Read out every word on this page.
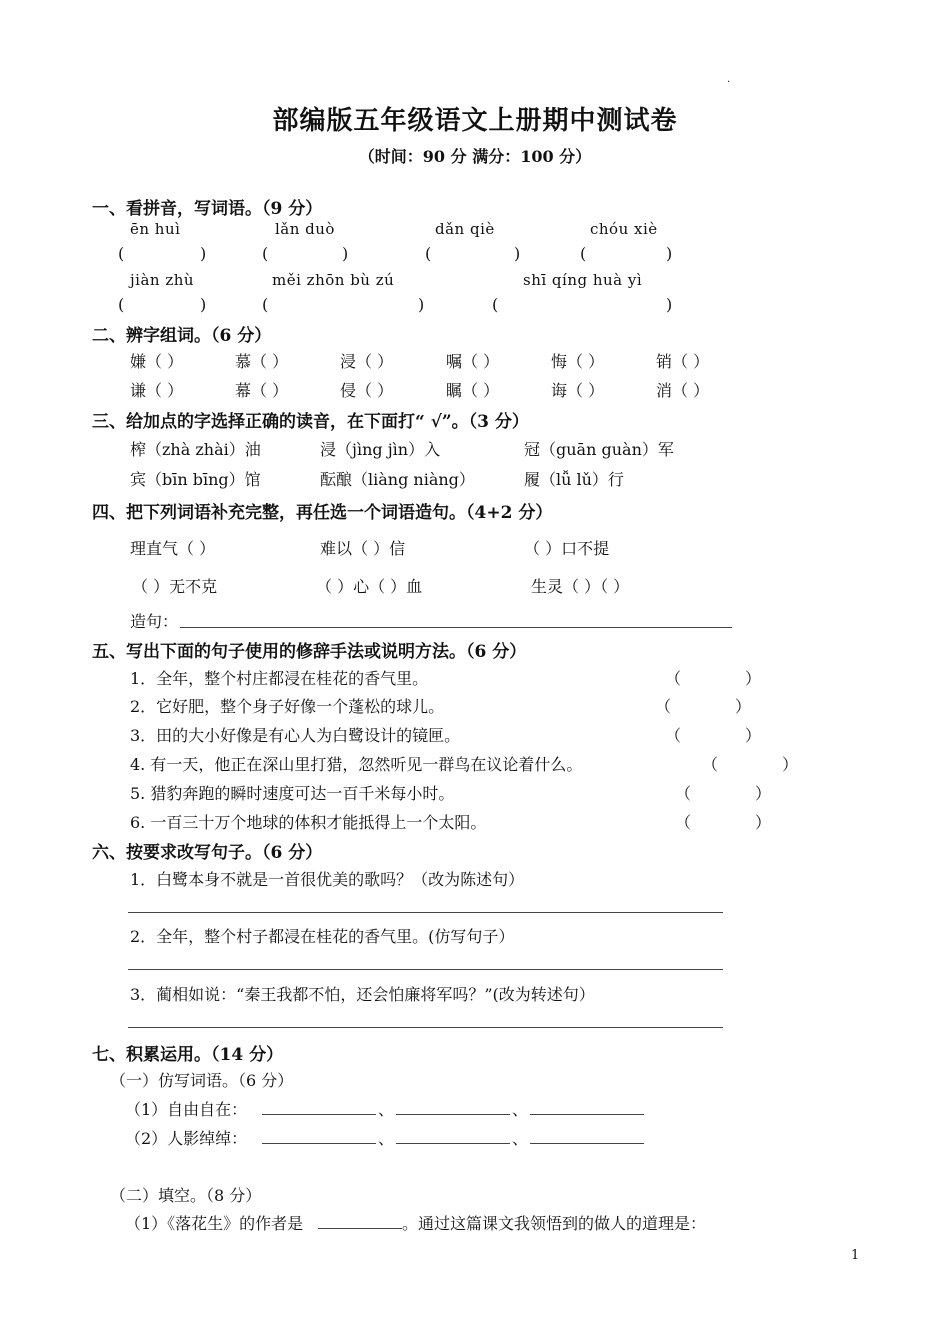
.
部编版五年级语文上册期中测试卷
（时间：90 分 满分：100 分）
一、看拼音，写词语。（9 分）
ēn huì	lǎn duò	dǎn qiè	chóu xiè
(	)	(	)	(	)	(	)
jiàn zhù	měi zhōn bù zú	shī qíng huà yì
(	)	(	)	(	)
二、辨字组词。（6 分）
嫌（ ）	慕（ ）	浸（ ）	嘱（ ）	悔（ ）	销（ ）
谦（ ）	幕（ ）	侵（ ）	瞩（ ）	诲（ ）	消（ ）
三、给加点的字选择正确的读音，在下面打“ √”。（3 分）
榨（zhà zhài）油	浸（jìng jìn）入	冠（guān guàn）军
宾（bīn bīng）馆	酝酿（liàng niàng）	履（lǚ lǔ）行
四、把下列词语补充完整，再任选一个词语造句。（4+2 分）
理直气（ ）	难以（ ）信	（ ）口不提
（ ）无不克	（ ）心（ ）血	生灵（ ）（ ）
造句：
五、写出下面的句子使用的修辞手法或说明方法。（6 分）
1．全年，整个村庄都浸在桂花的香气里。	（	）
2．它好肥，整个身子好像一个蓬松的球儿。	（	）
3．田的大小好像是有心人为白鹭设计的镜匣。	（	）
4. 有一天，他正在深山里打猎，忽然听见一群鸟在议论着什么。	（	）
5. 猎豹奔跑的瞬时速度可达一百千米每小时。	（	）
6. 一百三十万个地球的体积才能抵得上一个太阳。	（	）
六、按要求改写句子。（6 分）
1．白鹭本身不就是一首很优美的歌吗？（改为陈述句）
2．全年，整个村子都浸在桂花的香气里。(仿写句子）
3．蔺相如说：“秦王我都不怕，还会怕廉将军吗？”(改为转述句）
七、积累运用。（14 分）
（一）仿写词语。（6 分）
（1）自由自在：	、	、
（2）人影绰绰：	、	、
（二）填空。（8 分）
（1）《落花生》的作者是	。通过这篇课文我领悟到的做人的道理是：
1
